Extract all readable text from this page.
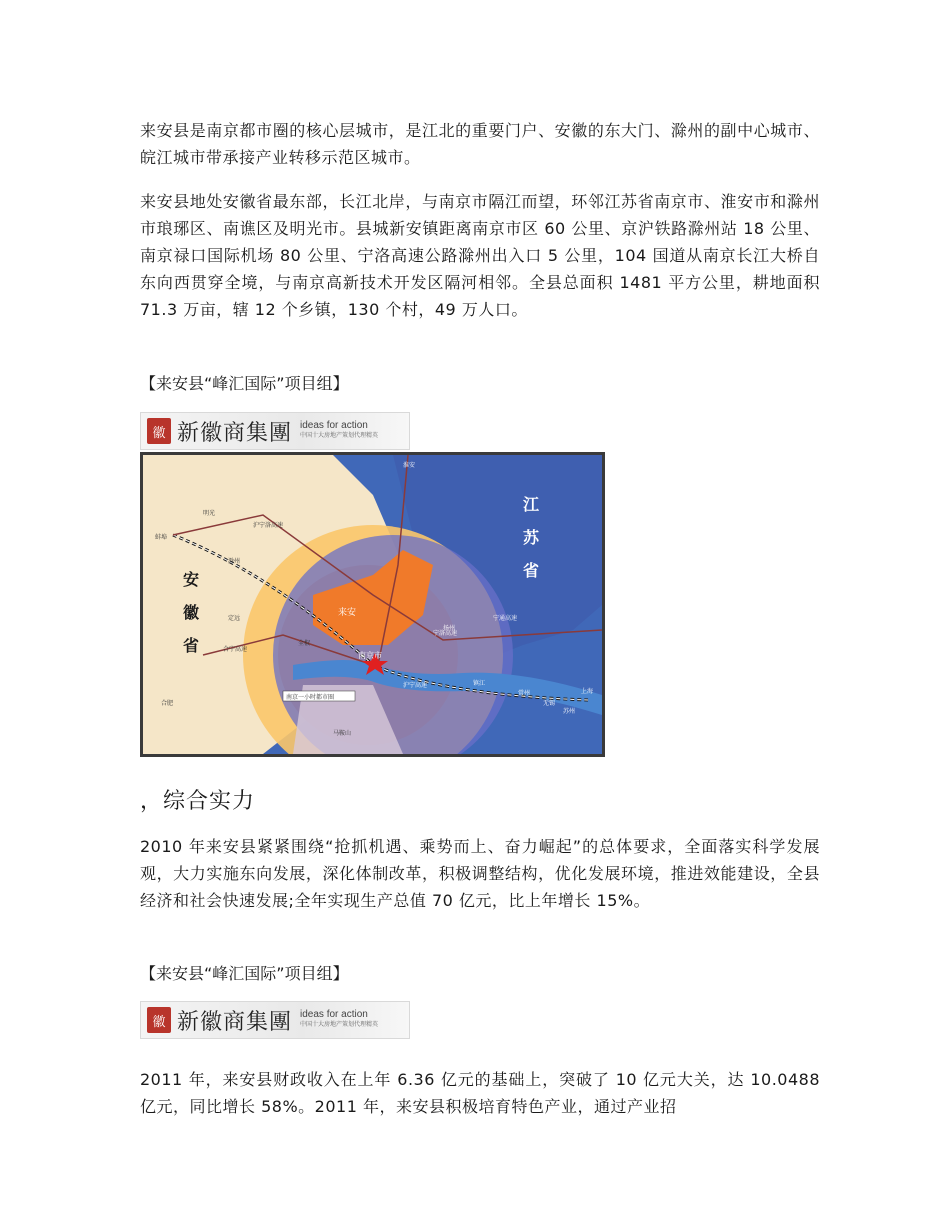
来安县是南京都市圈的核心层城市，是江北的重要门户、安徽的东大门、滁州的副中心城市、皖江城市带承接产业转移示范区城市。

来安县地处安徽省最东部，长江北岸，与南京市隔江而望，环邻江苏省南京市、淮安市和滁州市琅琊区、南谯区及明光市。县城新安镇距离南京市区 60 公里、京沪铁路滁州站 18 公里、南京禄口国际机场 80 公里、宁洛高速公路滁州出入口 5 公里，104 国道从南京长江大桥自东向西贯穿全境，与南京高新技术开发区隔河相邻。全县总面积 1481 平方公里，耕地面积 71.3 万亩，辖 12 个乡镇，130 个村，49 万人口。

【来安县“峰汇国际”项目组】
徽 新徽商集團 ideas for action
中国十大房地产策划代理精英
江
苏
省
安
徽
省
来安
南京市
滁州
明光
定远
全椒
蚌埠
合肥
马鞍山
扬州
镇江
常州
无锡
苏州
上海
淮安
沪宁洛高速
宁洛高速
合宁高速
沪宁高速
宁通高速
南京一小时都市圈
，综合实力

2010 年来安县紧紧围绕“抢抓机遇、乘势而上、奋力崛起”的总体要求，全面落实科学发展观，大力实施东向发展，深化体制改革，积极调整结构，优化发展环境，推进效能建设，全县经济和社会快速发展;全年实现生产总值 70 亿元，比上年增长 15%。

【来安县“峰汇国际”项目组】
徽 新徽商集團 ideas for action
中国十大房地产策划代理精英

2011 年，来安县财政收入在上年 6.36 亿元的基础上，突破了 10 亿元大关，达 10.0488 亿元，同比增长 58%。2011 年，来安县积极培育特色产业，通过产业招
